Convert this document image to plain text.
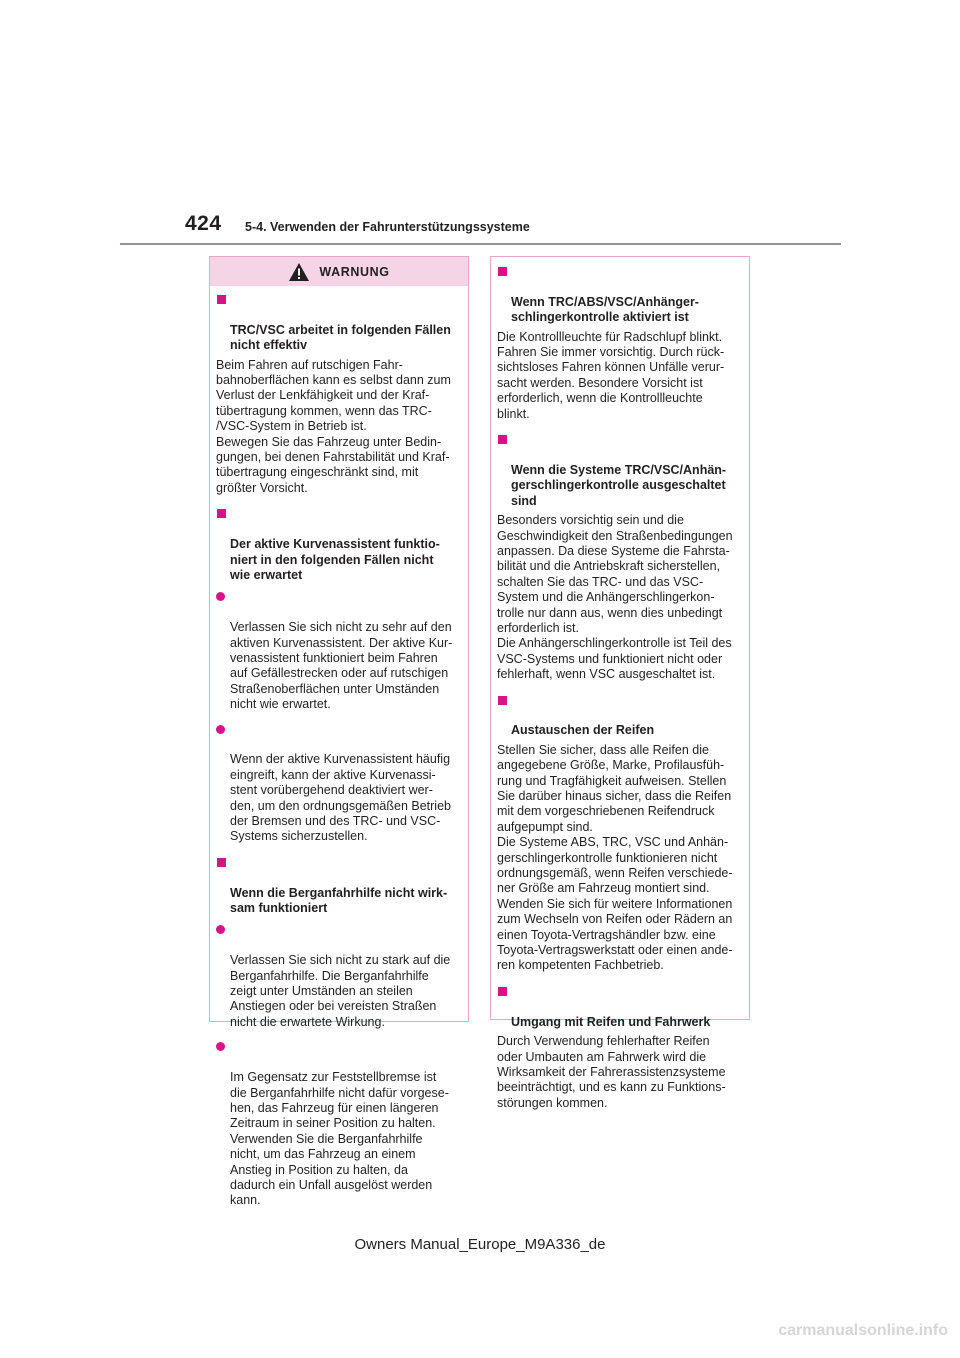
424 5-4. Verwenden der Fahrunterstützungssysteme
WARNUNG

TRC/VSC arbeitet in folgenden Fällen
nicht effektiv

Beim Fahren auf rutschigen Fahr-
bahnoberflächen kann es selbst dann zum
Verlust der Lenkfähigkeit und der Kraf-
tübertragung kommen, wenn das TRC-
/VSC-System in Betrieb ist.
Bewegen Sie das Fahrzeug unter Bedin-
gungen, bei denen Fahrstabilität und Kraf-
tübertragung eingeschränkt sind, mit
größter Vorsicht.

Der aktive Kurvenassistent funktio-
niert in den folgenden Fällen nicht
wie erwartet

Verlassen Sie sich nicht zu sehr auf den
aktiven Kurvenassistent. Der aktive Kur-
venassistent funktioniert beim Fahren
auf Gefällestrecken oder auf rutschigen
Straßenoberflächen unter Umständen
nicht wie erwartet.

Wenn der aktive Kurvenassistent häufig
eingreift, kann der aktive Kurvenassi-
stent vorübergehend deaktiviert wer-
den, um den ordnungsgemäßen Betrieb
der Bremsen und des TRC- und VSC-
Systems sicherzustellen.

Wenn die Berganfahrhilfe nicht wirk-
sam funktioniert

Verlassen Sie sich nicht zu stark auf die
Berganfahrhilfe. Die Berganfahrhilfe
zeigt unter Umständen an steilen
Anstiegen oder bei vereisten Straßen
nicht die erwartete Wirkung.

Im Gegensatz zur Feststellbremse ist
die Berganfahrhilfe nicht dafür vorgese-
hen, das Fahrzeug für einen längeren
Zeitraum in seiner Position zu halten.
Verwenden Sie die Berganfahrhilfe
nicht, um das Fahrzeug an einem
Anstieg in Position zu halten, da
dadurch ein Unfall ausgelöst werden
kann.

Wenn TRC/ABS/VSC/Anhänger-
schlingerkontrolle aktiviert ist

Die Kontrollleuchte für Radschlupf blinkt.
Fahren Sie immer vorsichtig. Durch rück-
sichtsloses Fahren können Unfälle verur-
sacht werden. Besondere Vorsicht ist
erforderlich, wenn die Kontrollleuchte
blinkt.

Wenn die Systeme TRC/VSC/Anhän-
gerschlingerkontrolle ausgeschaltet
sind

Besonders vorsichtig sein und die
Geschwindigkeit den Straßenbedingungen
anpassen. Da diese Systeme die Fahrsta-
bilität und die Antriebskraft sicherstellen,
schalten Sie das TRC- und das VSC-
System und die Anhängerschlingerkon-
trolle nur dann aus, wenn dies unbedingt
erforderlich ist.
Die Anhängerschlingerkontrolle ist Teil des
VSC-Systems und funktioniert nicht oder
fehlerhaft, wenn VSC ausgeschaltet ist.

Austauschen der Reifen

Stellen Sie sicher, dass alle Reifen die
angegebene Größe, Marke, Profilausfüh-
rung und Tragfähigkeit aufweisen. Stellen
Sie darüber hinaus sicher, dass die Reifen
mit dem vorgeschriebenen Reifendruck
aufgepumpt sind.
Die Systeme ABS, TRC, VSC und Anhän-
gerschlingerkontrolle funktionieren nicht
ordnungsgemäß, wenn Reifen verschiede-
ner Größe am Fahrzeug montiert sind.
Wenden Sie sich für weitere Informationen
zum Wechseln von Reifen oder Rädern an
einen Toyota-Vertragshändler bzw. eine
Toyota-Vertragswerkstatt oder einen ande-
ren kompetenten Fachbetrieb.

Umgang mit Reifen und Fahrwerk

Durch Verwendung fehlerhafter Reifen
oder Umbauten am Fahrwerk wird die
Wirksamkeit der Fahrerassistenzsysteme
beeinträchtigt, und es kann zu Funktions-
störungen kommen.
Owners Manual_Europe_M9A336_de
carmanualsonline.info
